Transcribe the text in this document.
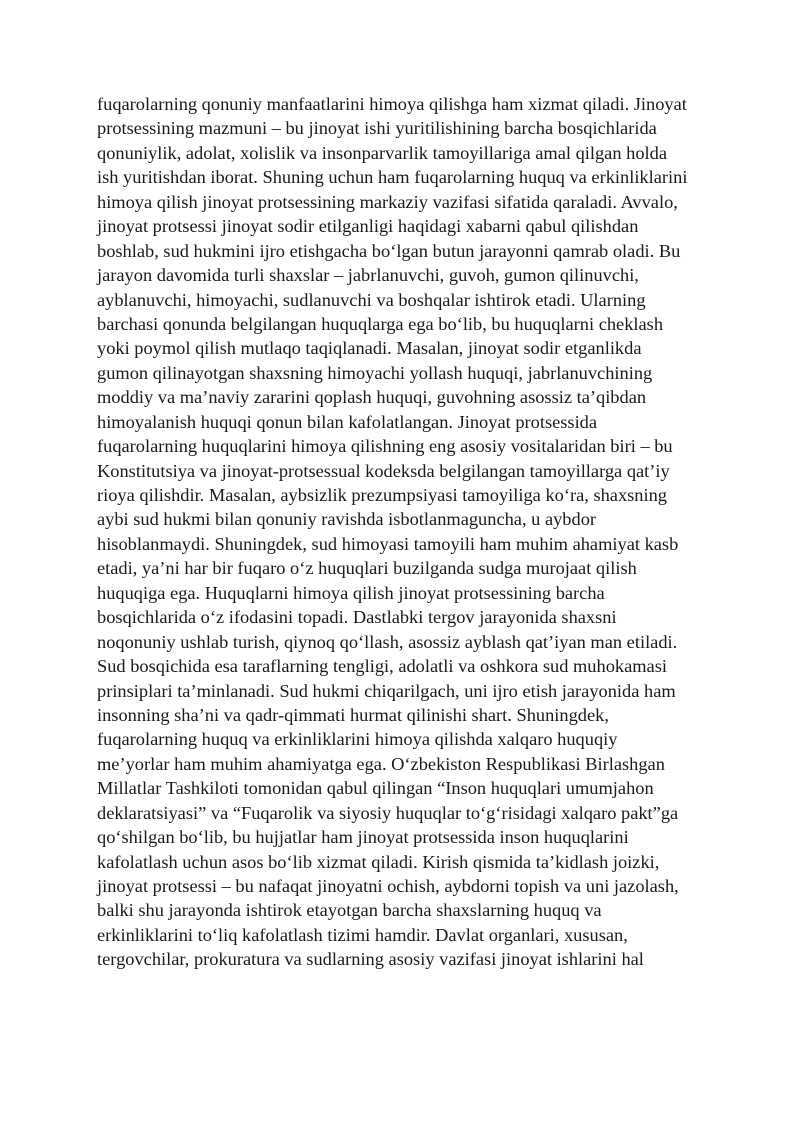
fuqarolarning qonuniy manfaatlarini himoya qilishga ham xizmat qiladi. Jinoyat
protsessining mazmuni – bu jinoyat ishi yuritilishining barcha bosqichlarida
qonuniylik, adolat, xolislik va insonparvarlik tamoyillariga amal qilgan holda
ish yuritishdan iborat. Shuning uchun ham fuqarolarning huquq va erkinliklarini
himoya qilish jinoyat protsessining markaziy vazifasi sifatida qaraladi. Avvalo,
jinoyat protsessi jinoyat sodir etilganligi haqidagi xabarni qabul qilishdan
boshlab, sud hukmini ijro etishgacha bo‘lgan butun jarayonni qamrab oladi. Bu
jarayon davomida turli shaxslar – jabrlanuvchi, guvoh, gumon qilinuvchi,
ayblanuvchi, himoyachi, sudlanuvchi va boshqalar ishtirok etadi. Ularning
barchasi qonunda belgilangan huquqlarga ega bo‘lib, bu huquqlarni cheklash
yoki poymol qilish mutlaqo taqiqlanadi. Masalan, jinoyat sodir etganlikda
gumon qilinayotgan shaxsning himoyachi yollash huquqi, jabrlanuvchining
moddiy va ma’naviy zararini qoplash huquqi, guvohning asossiz ta’qibdan
himoyalanish huquqi qonun bilan kafolatlangan. Jinoyat protsessida
fuqarolarning huquqlarini himoya qilishning eng asosiy vositalaridan biri – bu
Konstitutsiya va jinoyat-protsessual kodeksda belgilangan tamoyillarga qat’iy
rioya qilishdir. Masalan, aybsizlik prezumpsiyasi tamoyiliga ko‘ra, shaxsning
aybi sud hukmi bilan qonuniy ravishda isbotlanmaguncha, u aybdor
hisoblanmaydi. Shuningdek, sud himoyasi tamoyili ham muhim ahamiyat kasb
etadi, ya’ni har bir fuqaro o‘z huquqlari buzilganda sudga murojaat qilish
huquqiga ega. Huquqlarni himoya qilish jinoyat protsessining barcha
bosqichlarida o‘z ifodasini topadi. Dastlabki tergov jarayonida shaxsni
noqonuniy ushlab turish, qiynoq qo‘llash, asossiz ayblash qat’iyan man etiladi.
Sud bosqichida esa taraflarning tengligi, adolatli va oshkora sud muhokamasi
prinsiplari ta’minlanadi. Sud hukmi chiqarilgach, uni ijro etish jarayonida ham
insonning sha’ni va qadr-qimmati hurmat qilinishi shart. Shuningdek,
fuqarolarning huquq va erkinliklarini himoya qilishda xalqaro huquqiy
me’yorlar ham muhim ahamiyatga ega. O‘zbekiston Respublikasi Birlashgan
Millatlar Tashkiloti tomonidan qabul qilingan “Inson huquqlari umumjahon
deklaratsiyasi” va “Fuqarolik va siyosiy huquqlar to‘g‘risidagi xalqaro pakt”ga
qo‘shilgan bo‘lib, bu hujjatlar ham jinoyat protsessida inson huquqlarini
kafolatlash uchun asos bo‘lib xizmat qiladi. Kirish qismida ta’kidlash joizki,
jinoyat protsessi – bu nafaqat jinoyatni ochish, aybdorni topish va uni jazolash,
balki shu jarayonda ishtirok etayotgan barcha shaxslarning huquq va
erkinliklarini to‘liq kafolatlash tizimi hamdir. Davlat organlari, xususan,
tergovchilar, prokuratura va sudlarning asosiy vazifasi jinoyat ishlarini hal
